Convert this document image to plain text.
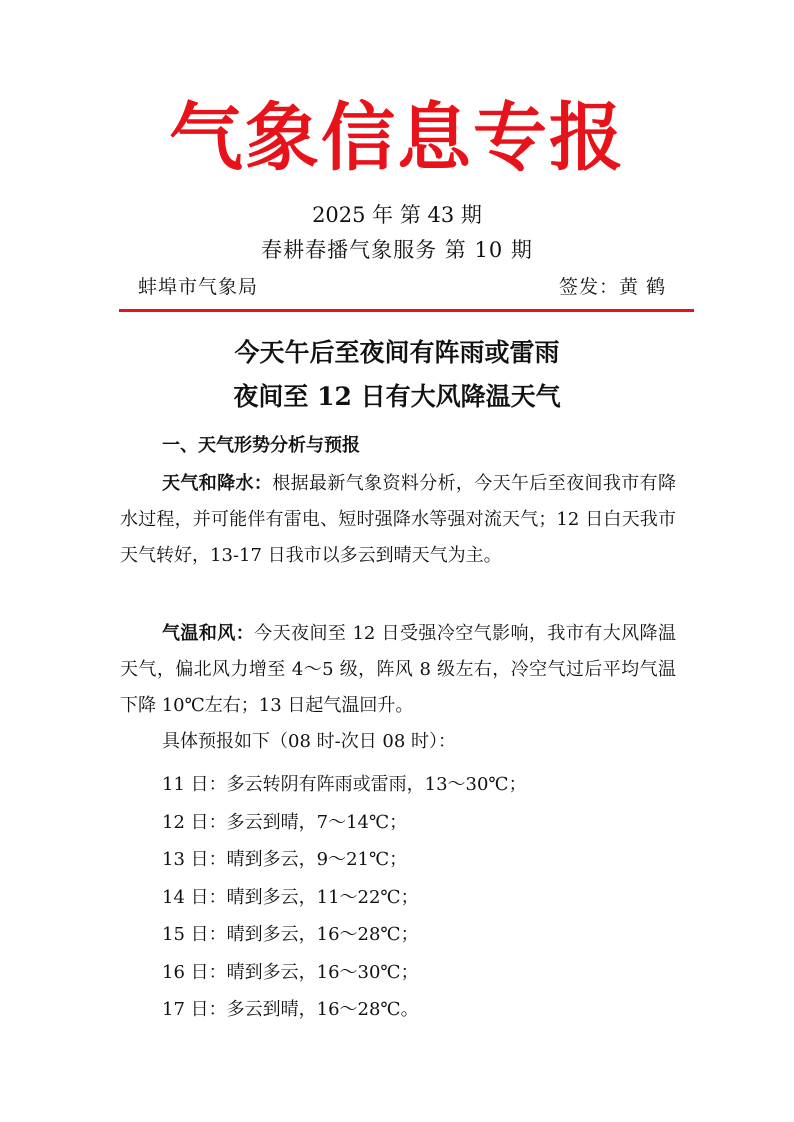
气象信息专报
2025 年 第 43 期
春耕春播气象服务 第 10 期
蚌埠市气象局	签发：黄 鹤
今天午后至夜间有阵雨或雷雨
夜间至 12 日有大风降温天气
一、天气形势分析与预报
天气和降水：根据最新气象资料分析，今天午后至夜间我市有降水过程，并可能伴有雷电、短时强降水等强对流天气；12 日白天我市天气转好，13-17 日我市以多云到晴天气为主。
气温和风：今天夜间至 12 日受强冷空气影响，我市有大风降温天气，偏北风力增至 4～5 级，阵风 8 级左右，冷空气过后平均气温下降 10℃左右；13 日起气温回升。
具体预报如下（08 时-次日 08 时）：
11 日：多云转阴有阵雨或雷雨，13～30℃；
12 日：多云到晴，7～14℃；
13 日：晴到多云，9～21℃；
14 日：晴到多云，11～22℃；
15 日：晴到多云，16～28℃；
16 日：晴到多云，16～30℃；
17 日：多云到晴，16～28℃。
